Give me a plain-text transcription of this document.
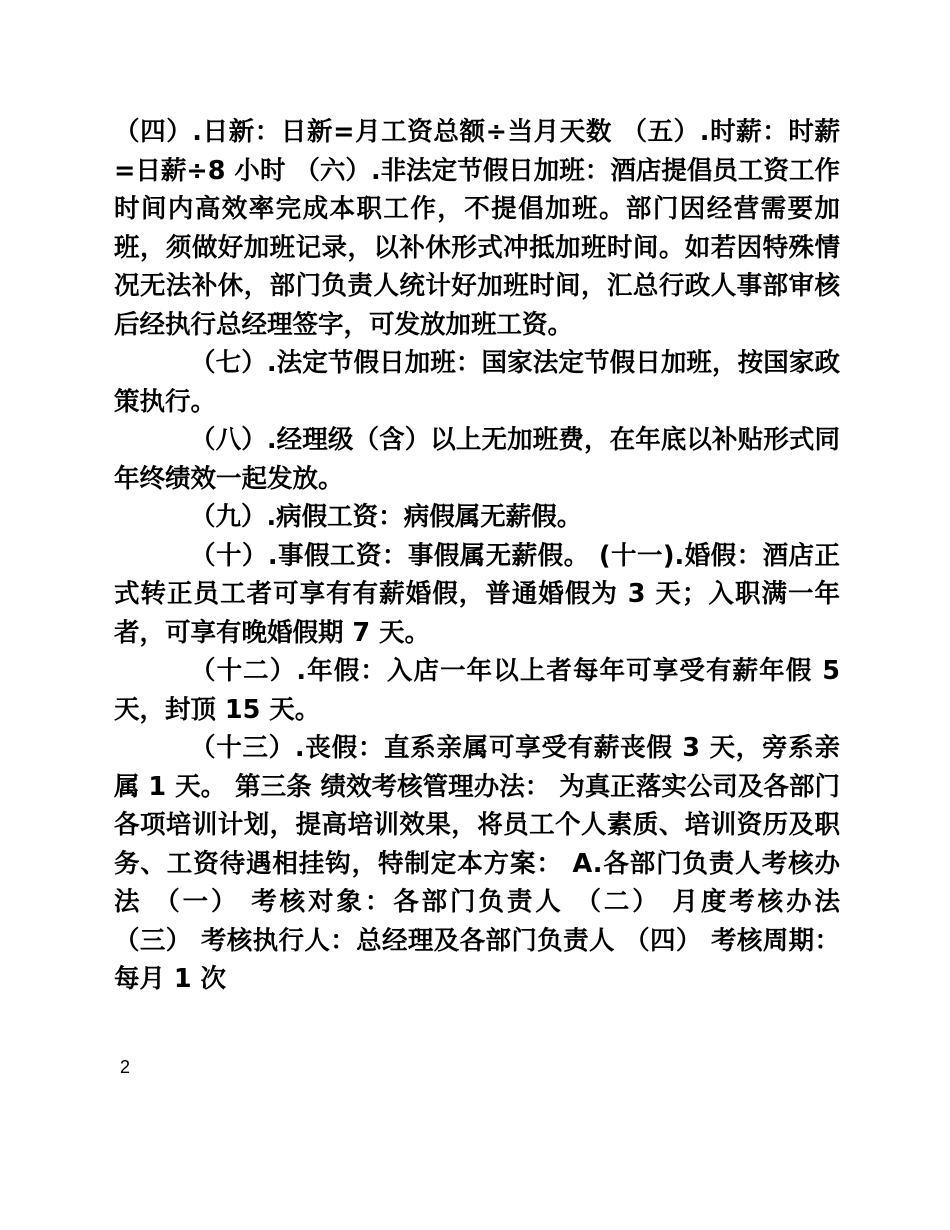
（四）.日新：日新=月工资总额÷当月天数 （五）.时薪：时薪=日薪÷8 小时 （六）.非法定节假日加班：酒店提倡员工资工作时间内高效率完成本职工作，不提倡加班。部门因经营需要加班，须做好加班记录，以补休形式冲抵加班时间。如若因特殊情况无法补休，部门负责人统计好加班时间，汇总行政人事部审核后经执行总经理签字，可发放加班工资。

（七）.法定节假日加班：国家法定节假日加班，按国家政策执行。

（八）.经理级（含）以上无加班费，在年底以补贴形式同年终绩效一起发放。

（九）.病假工资：病假属无薪假。

（十）.事假工资：事假属无薪假。 (十一).婚假：酒店正式转正员工者可享有有薪婚假，普通婚假为 3 天；入职满一年者，可享有晚婚假期 7 天。

（十二）.年假：入店一年以上者每年可享受有薪年假 5 天，封顶 15 天。

（十三）.丧假：直系亲属可享受有薪丧假 3 天，旁系亲属 1 天。 第三条 绩效考核管理办法： 为真正落实公司及各部门各项培训计划，提高培训效果，将员工个人素质、培训资历及职务、工资待遇相挂钩，特制定本方案： A.各部门负责人考核办法 （一） 考核对象：各部门负责人 （二） 月度考核办法 （三） 考核执行人：总经理及各部门负责人 （四） 考核周期：每月 1 次

2
